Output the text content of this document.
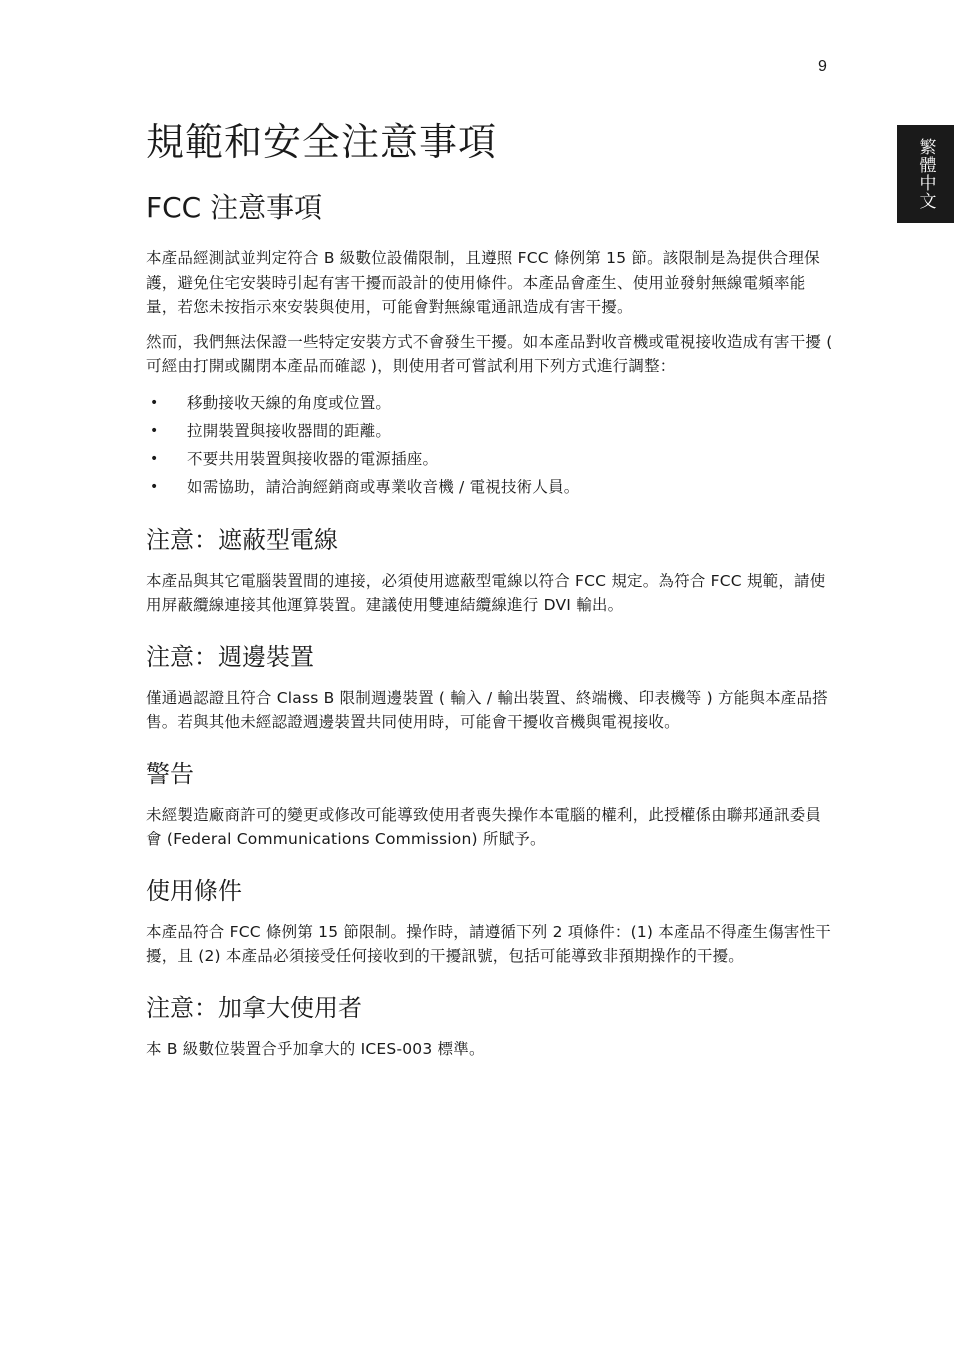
9
繁體中文
規範和安全注意事項
FCC 注意事項

本產品經測試並判定符合 B 級數位設備限制，且遵照 FCC 條例第 15 節。該限制是為提供合理保護，避免住宅安裝時引起有害干擾而設計的使用條件。本產品會產生、使用並發射無線電頻率能量，若您未按指示來安裝與使用，可能會對無線電通訊造成有害干擾。

然而，我們無法保證一些特定安裝方式不會發生干擾。如本產品對收音機或電視接收造成有害干擾 ( 可經由打開或關閉本產品而確認 )，則使用者可嘗試利用下列方式進行調整：

• 移動接收天線的角度或位置。
• 拉開裝置與接收器間的距離。
• 不要共用裝置與接收器的電源插座。
• 如需協助，請洽詢經銷商或專業收音機 / 電視技術人員。
注意：遮蔽型電線

本產品與其它電腦裝置間的連接，必須使用遮蔽型電線以符合 FCC 規定。為符合 FCC 規範，請使用屏蔽纜線連接其他運算裝置。建議使用雙連結纜線進行 DVI 輸出。

注意：週邊裝置

僅通過認證且符合 Class B 限制週邊裝置 ( 輸入 / 輸出裝置、終端機、印表機等 ) 方能與本產品搭售。若與其他未經認證週邊裝置共同使用時，可能會干擾收音機與電視接收。

警告

未經製造廠商許可的變更或修改可能導致使用者喪失操作本電腦的權利，此授權係由聯邦通訊委員會 (Federal Communications Commission) 所賦予。

使用條件

本產品符合 FCC 條例第 15 節限制。操作時，請遵循下列 2 項條件：(1) 本產品不得產生傷害性干擾，且 (2) 本產品必須接受任何接收到的干擾訊號，包括可能導致非預期操作的干擾。

注意：加拿大使用者

本 B 級數位裝置合乎加拿大的 ICES-003 標準。
